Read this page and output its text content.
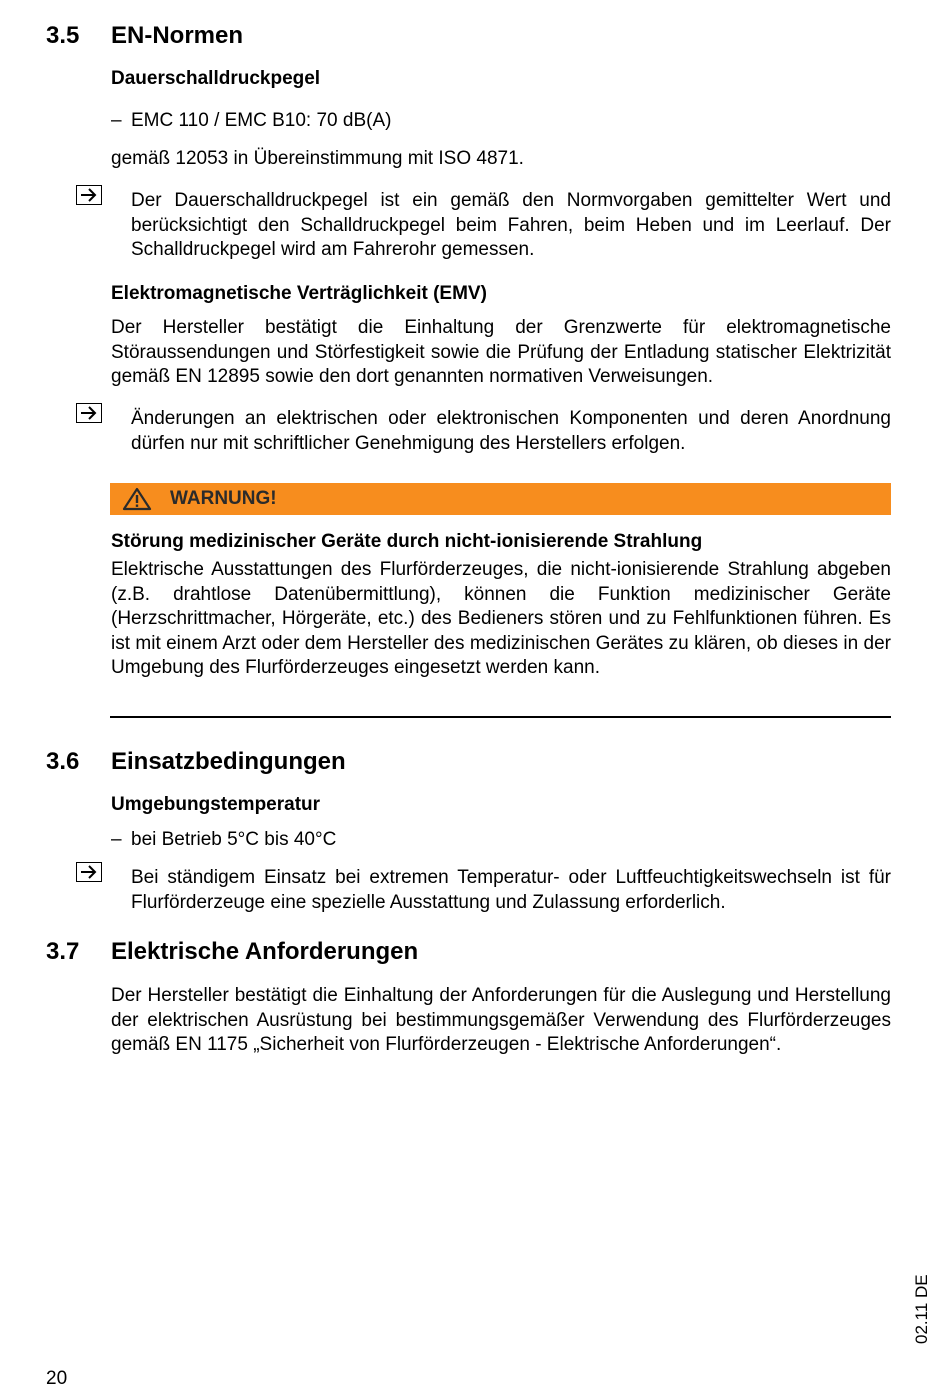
3.5 EN-Normen
Dauerschalldruckpegel
– EMC 110 / EMC B10: 70 dB(A)
gemäß 12053 in Übereinstimmung mit ISO 4871.
Der Dauerschalldruckpegel ist ein gemäß den Normvorgaben gemittelter Wert und berücksichtigt den Schalldruckpegel beim Fahren, beim Heben und im Leerlauf. Der Schalldruckpegel wird am Fahrerohr gemessen.
Elektromagnetische Verträglichkeit (EMV)
Der Hersteller bestätigt die Einhaltung der Grenzwerte für elektromagnetische Störaussendungen und Störfestigkeit sowie die Prüfung der Entladung statischer Elektrizität gemäß EN 12895 sowie den dort genannten normativen Verweisungen.
Änderungen an elektrischen oder elektronischen Komponenten und deren Anordnung dürfen nur mit schriftlicher Genehmigung des Herstellers erfolgen.
WARNUNG!
Störung medizinischer Geräte durch nicht-ionisierende Strahlung
Elektrische Ausstattungen des Flurförderzeuges, die nicht-ionisierende Strahlung abgeben (z.B. drahtlose Datenübermittlung), können die Funktion medizinischer Geräte (Herzschrittmacher, Hörgeräte, etc.) des Bedieners stören und zu Fehlfunktionen führen. Es ist mit einem Arzt oder dem Hersteller des medizinischen Gerätes zu klären, ob dieses in der Umgebung des Flurförderzeuges eingesetzt werden kann.
3.6 Einsatzbedingungen
Umgebungstemperatur
– bei Betrieb 5°C bis 40°C
Bei ständigem Einsatz bei extremen Temperatur- oder Luftfeuchtigkeitswechseln ist für Flurförderzeuge eine spezielle Ausstattung und Zulassung erforderlich.
3.7 Elektrische Anforderungen
Der Hersteller bestätigt die Einhaltung der Anforderungen für die Auslegung und Herstellung der elektrischen Ausrüstung bei bestimmungsgemäßer Verwendung des Flurförderzeuges gemäß EN 1175 „Sicherheit von Flurförderzeugen - Elektrische Anforderungen“.
20
02.11 DE
